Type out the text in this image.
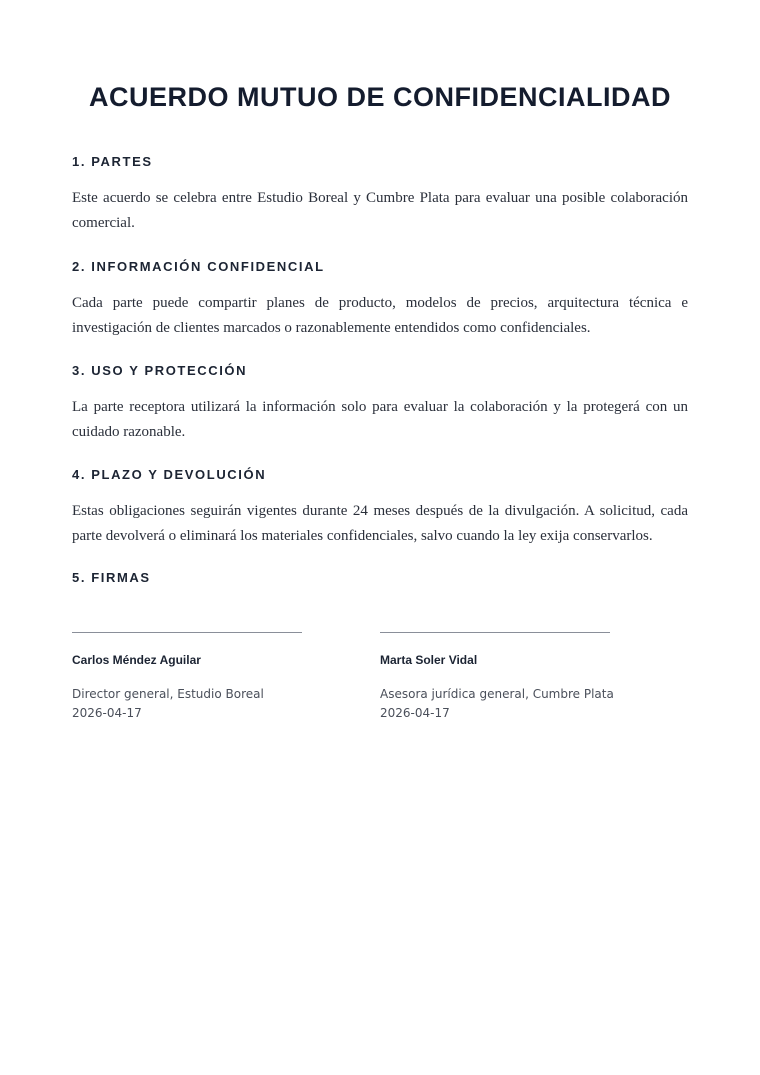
ACUERDO MUTUO DE CONFIDENCIALIDAD
1. PARTES

Este acuerdo se celebra entre Estudio Boreal y Cumbre Plata para evaluar una posible colaboración comercial.

2. INFORMACIÓN CONFIDENCIAL

Cada parte puede compartir planes de producto, modelos de precios, arquitectura técnica e investigación de clientes marcados o razonablemente entendidos como confidenciales.

3. USO Y PROTECCIÓN

La parte receptora utilizará la información solo para evaluar la colaboración y la protegerá con un cuidado razonable.

4. PLAZO Y DEVOLUCIÓN

Estas obligaciones seguirán vigentes durante 24 meses después de la divulgación. A solicitud, cada parte devolverá o eliminará los materiales confidenciales, salvo cuando la ley exija conservarlos.

5. FIRMAS
Carlos Méndez Aguilar
Director general, Estudio Boreal
2026-04-17
Marta Soler Vidal
Asesora jurídica general, Cumbre Plata
2026-04-17
